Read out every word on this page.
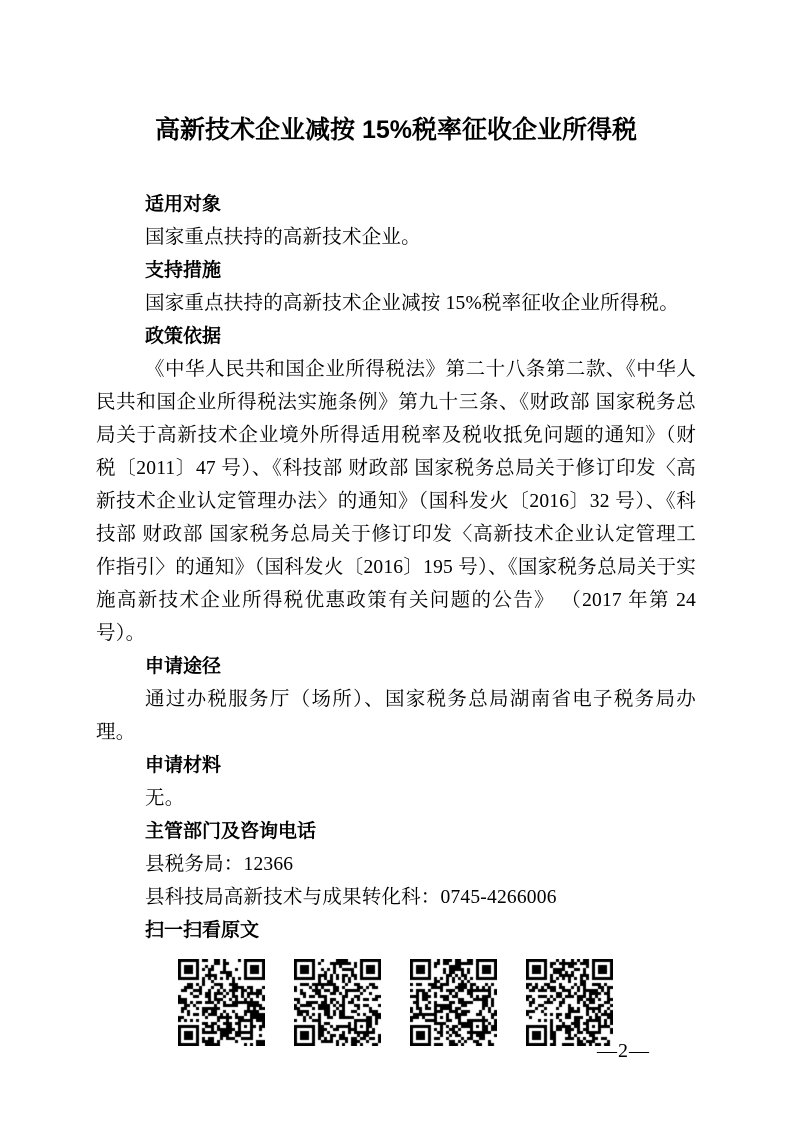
高新技术企业减按 15%税率征收企业所得税

适用对象

国家重点扶持的高新技术企业。

支持措施

国家重点扶持的高新技术企业减按 15%税率征收企业所得税。

政策依据

《中华人民共和国企业所得税法》第二十八条第二款、《中华人民共和国企业所得税法实施条例》第九十三条、《财政部 国家税务总局关于高新技术企业境外所得适用税率及税收抵免问题的通知》（财税〔2011〕47 号）、《科技部 财政部 国家税务总局关于修订印发〈高新技术企业认定管理办法〉的通知》（国科发火〔2016〕32 号）、《科技部 财政部 国家税务总局关于修订印发〈高新技术企业认定管理工作指引〉的通知》（国科发火〔2016〕195 号）、《国家税务总局关于实施高新技术企业所得税优惠政策有关问题的公告》 （2017 年第 24 号）。

申请途径

通过办税服务厅（场所）、国家税务总局湖南省电子税务局办理。

申请材料

无。

主管部门及咨询电话

县税务局：12366

县科技局高新技术与成果转化科：0745-4266006

扫一扫看原文

—2—
